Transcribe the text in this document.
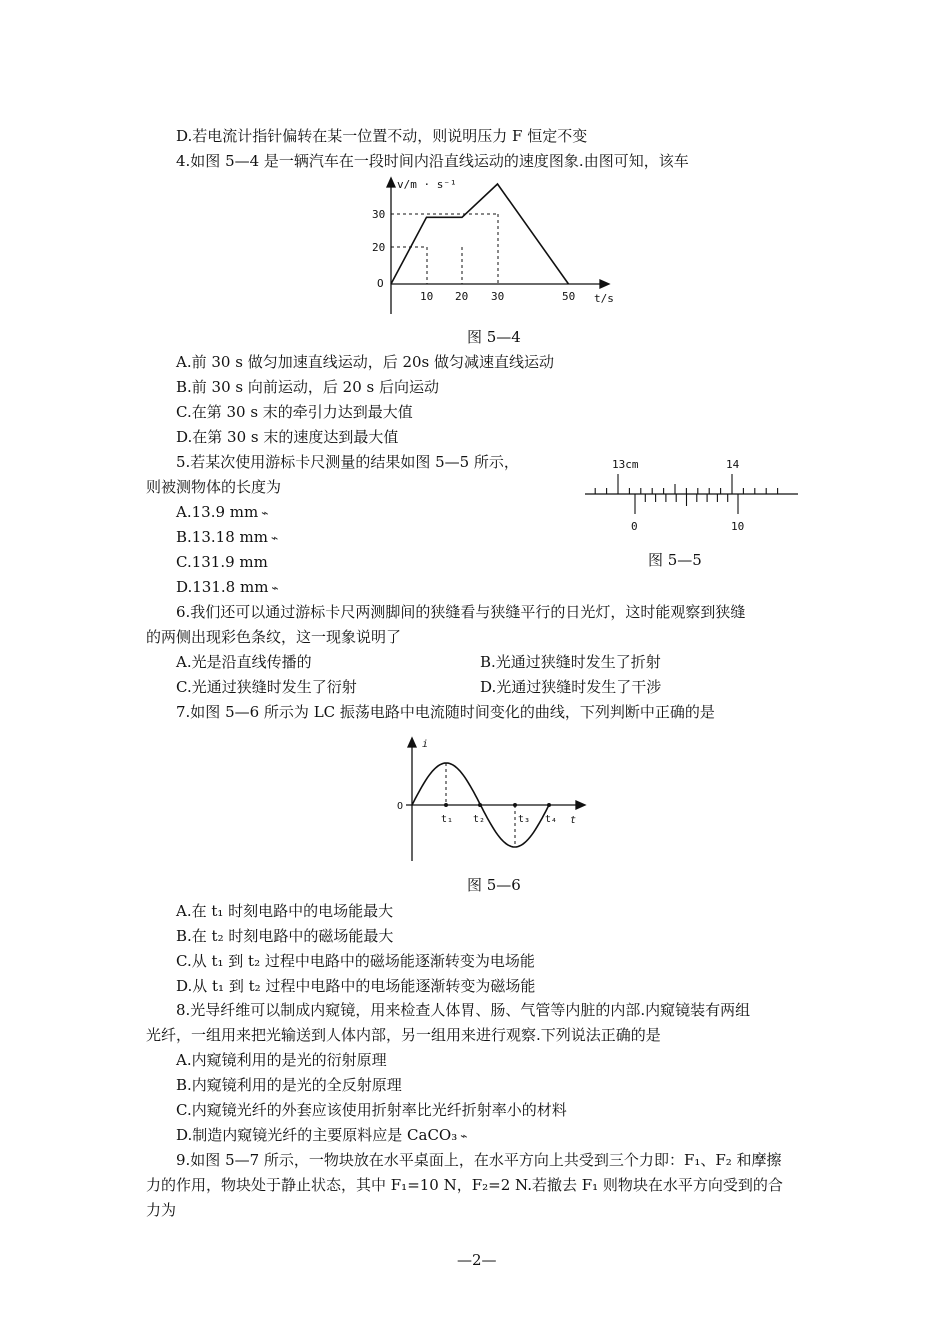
D.若电流计指针偏转在某一位置不动，则说明压力 F 恒定不变
4.如图 5—4 是一辆汽车在一段时间内沿直线运动的速度图象.由图可知，该车
v/m · s⁻¹
t/s
O
20
30
10 20 30	50
图 5—4
A.前 30 s 做匀加速直线运动，后 20s 做匀减速直线运动
B.前 30 s 向前运动，后 20 s 后向运动
C.在第 30 s 末的牵引力达到最大值
D.在第 30 s 末的速度达到最大值
5.若某次使用游标卡尺测量的结果如图 5—5 所示，
则被测物体的长度为
A.13.9 mm ⌁
B.13.18 mm ⌁
C.131.9 mm
D.131.8 mm ⌁
13cm	14
0	10
图 5—5
6.我们还可以通过游标卡尺两测脚间的狭缝看与狭缝平行的日光灯，这时能观察到狭缝
的两侧出现彩色条纹，这一现象说明了
A.光是沿直线传播的	B.光通过狭缝时发生了折射
C.光通过狭缝时发生了衍射	D.光通过狭缝时发生了干涉
7.如图 5—6 所示为 LC 振荡电路中电流随时间变化的曲线，下列判断中正确的是
i
t
O
t₁ t₂	t₃ t₄
图 5—6
A.在 t₁ 时刻电路中的电场能最大
B.在 t₂ 时刻电路中的磁场能最大
C.从 t₁ 到 t₂ 过程中电路中的磁场能逐渐转变为电场能
D.从 t₁ 到 t₂ 过程中电路中的电场能逐渐转变为磁场能
8.光导纤维可以制成内窥镜，用来检查人体胃、肠、气管等内脏的内部.内窥镜装有两组
光纤，一组用来把光输送到人体内部，另一组用来进行观察.下列说法正确的是
A.内窥镜利用的是光的衍射原理
B.内窥镜利用的是光的全反射原理
C.内窥镜光纤的外套应该使用折射率比光纤折射率小的材料
D.制造内窥镜光纤的主要原料应是 CaCO₃ ⌁
9.如图 5—7 所示，一物块放在水平桌面上，在水平方向上共受到三个力即：F₁、F₂ 和摩擦
力的作用，物块处于静止状态，其中 F₁=10 N，F₂=2 N.若撤去 F₁ 则物块在水平方向受到的合
力为
—2—
